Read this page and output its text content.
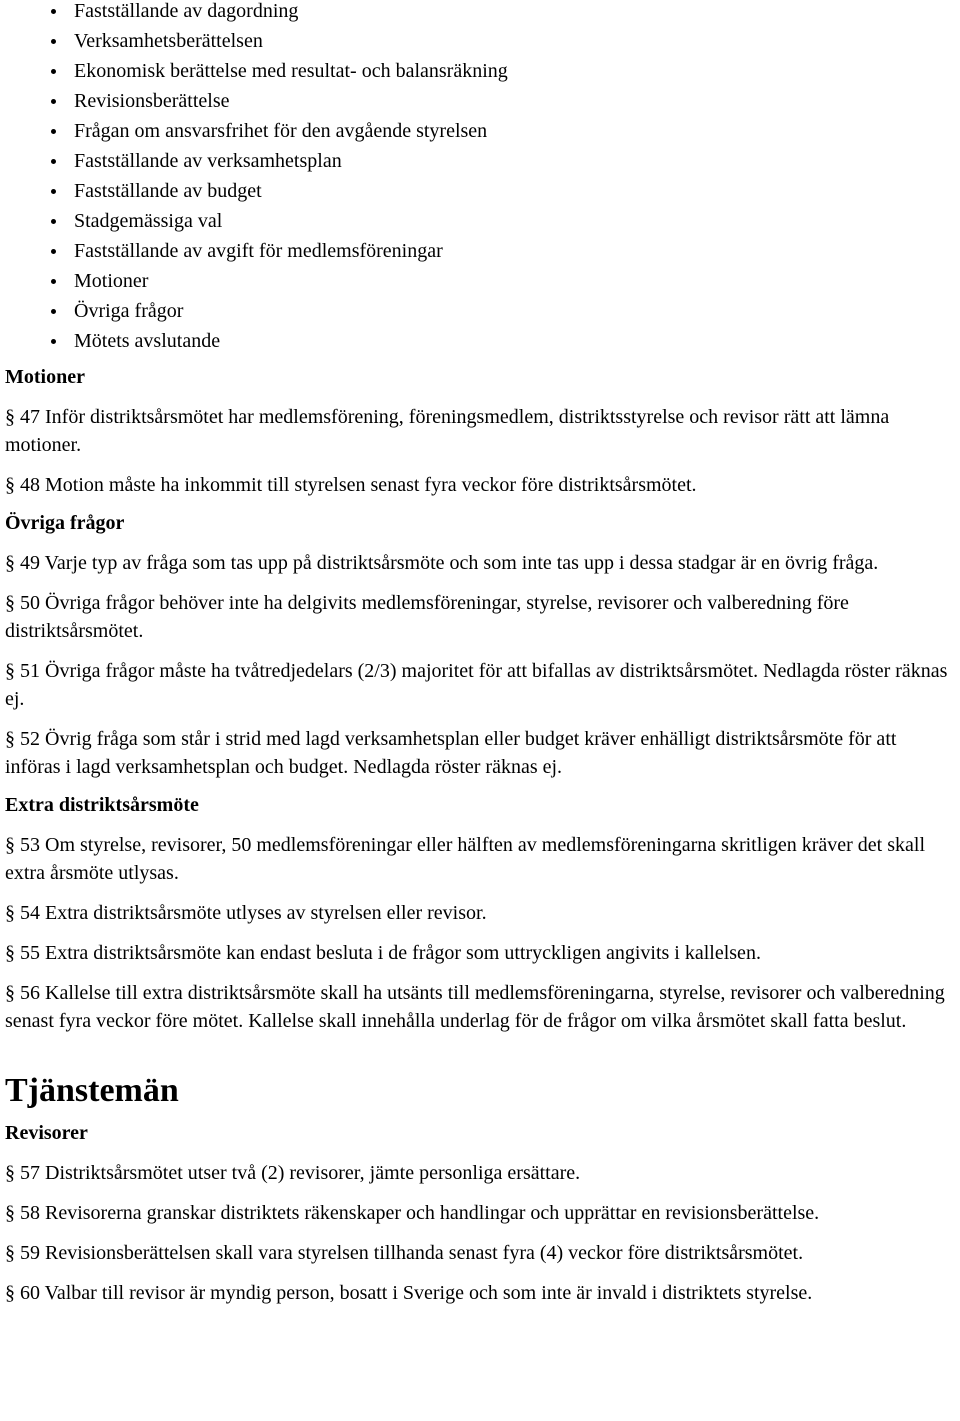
Fastställande av dagordning
Verksamhetsberättelsen
Ekonomisk berättelse med resultat- och balansräkning
Revisionsberättelse
Frågan om ansvarsfrihet för den avgående styrelsen
Fastställande av verksamhetsplan
Fastställande av budget
Stadgemässiga val
Fastställande av avgift för medlemsföreningar
Motioner
Övriga frågor
Mötets avslutande
Motioner

§ 47 Inför distriktsårsmötet har medlemsförening, föreningsmedlem, distriktsstyrelse och revisor rätt att lämna motioner.

§ 48 Motion måste ha inkommit till styrelsen senast fyra veckor före distriktsårsmötet.

Övriga frågor

§ 49 Varje typ av fråga som tas upp på distriktsårsmöte och som inte tas upp i dessa stadgar är en övrig fråga.

§ 50 Övriga frågor behöver inte ha delgivits medlemsföreningar, styrelse, revisorer och valberedning före distriktsårsmötet.

§ 51 Övriga frågor måste ha tvåtredjedelars (2/3) majoritet för att bifallas av distriktsårsmötet. Nedlagda röster räknas ej.

§ 52 Övrig fråga som står i strid med lagd verksamhetsplan eller budget kräver enhälligt distriktsårsmöte för att införas i lagd verksamhetsplan och budget. Nedlagda röster räknas ej.

Extra distriktsårsmöte

§ 53 Om styrelse, revisorer, 50 medlemsföreningar eller hälften av medlemsföreningarna skritligen kräver det skall extra årsmöte utlysas.

§ 54 Extra distriktsårsmöte utlyses av styrelsen eller revisor.

§ 55 Extra distriktsårsmöte kan endast besluta i de frågor som uttryckligen angivits i kallelsen.

§ 56 Kallelse till extra distriktsårsmöte skall ha utsänts till medlemsföreningarna, styrelse, revisorer och valberedning senast fyra veckor före mötet. Kallelse skall innehålla underlag för de frågor om vilka årsmötet skall fatta beslut.

Tjänstemän
Revisorer

§ 57 Distriktsårsmötet utser två (2) revisorer, jämte personliga ersättare.

§ 58 Revisorerna granskar distriktets räkenskaper och handlingar och upprättar en revisionsberättelse.

§ 59 Revisionsberättelsen skall vara styrelsen tillhanda senast fyra (4) veckor före distriktsårsmötet.

§ 60 Valbar till revisor är myndig person, bosatt i Sverige och som inte är invald i distriktets styrelse.
